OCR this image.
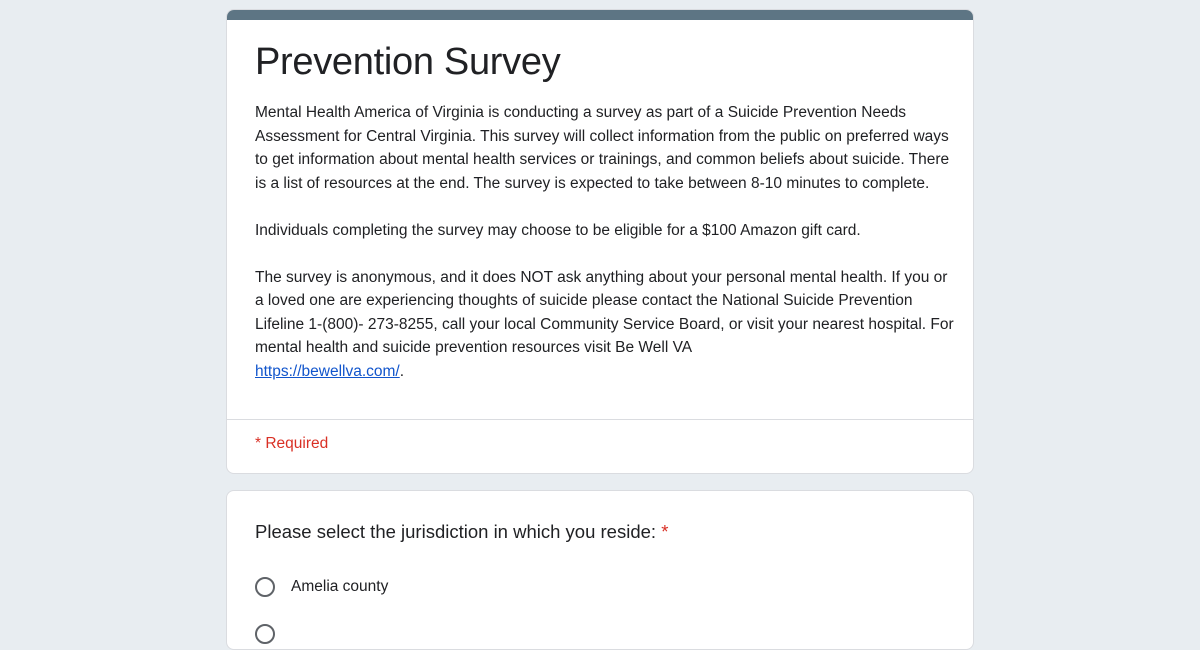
Prevention Survey

Mental Health America of Virginia is conducting a survey as part of a Suicide Prevention Needs Assessment for Central Virginia. This survey will collect information from the public on preferred ways to get information about mental health services or trainings, and common beliefs about suicide. There is a list of resources at the end. The survey is expected to take between 8-10 minutes to complete.

Individuals completing the survey may choose to be eligible for a $100 Amazon gift card.

The survey is anonymous, and it does NOT ask anything about your personal mental health. If you or a loved one are experiencing thoughts of suicide please contact the National Suicide Prevention Lifeline 1-(800)- 273-8255, call your local Community Service Board, or visit your nearest hospital. For mental health and suicide prevention resources visit Be Well VA
https://bewellva.com/.

* Required
Please select the jurisdiction in which you reside: *
Amelia county
